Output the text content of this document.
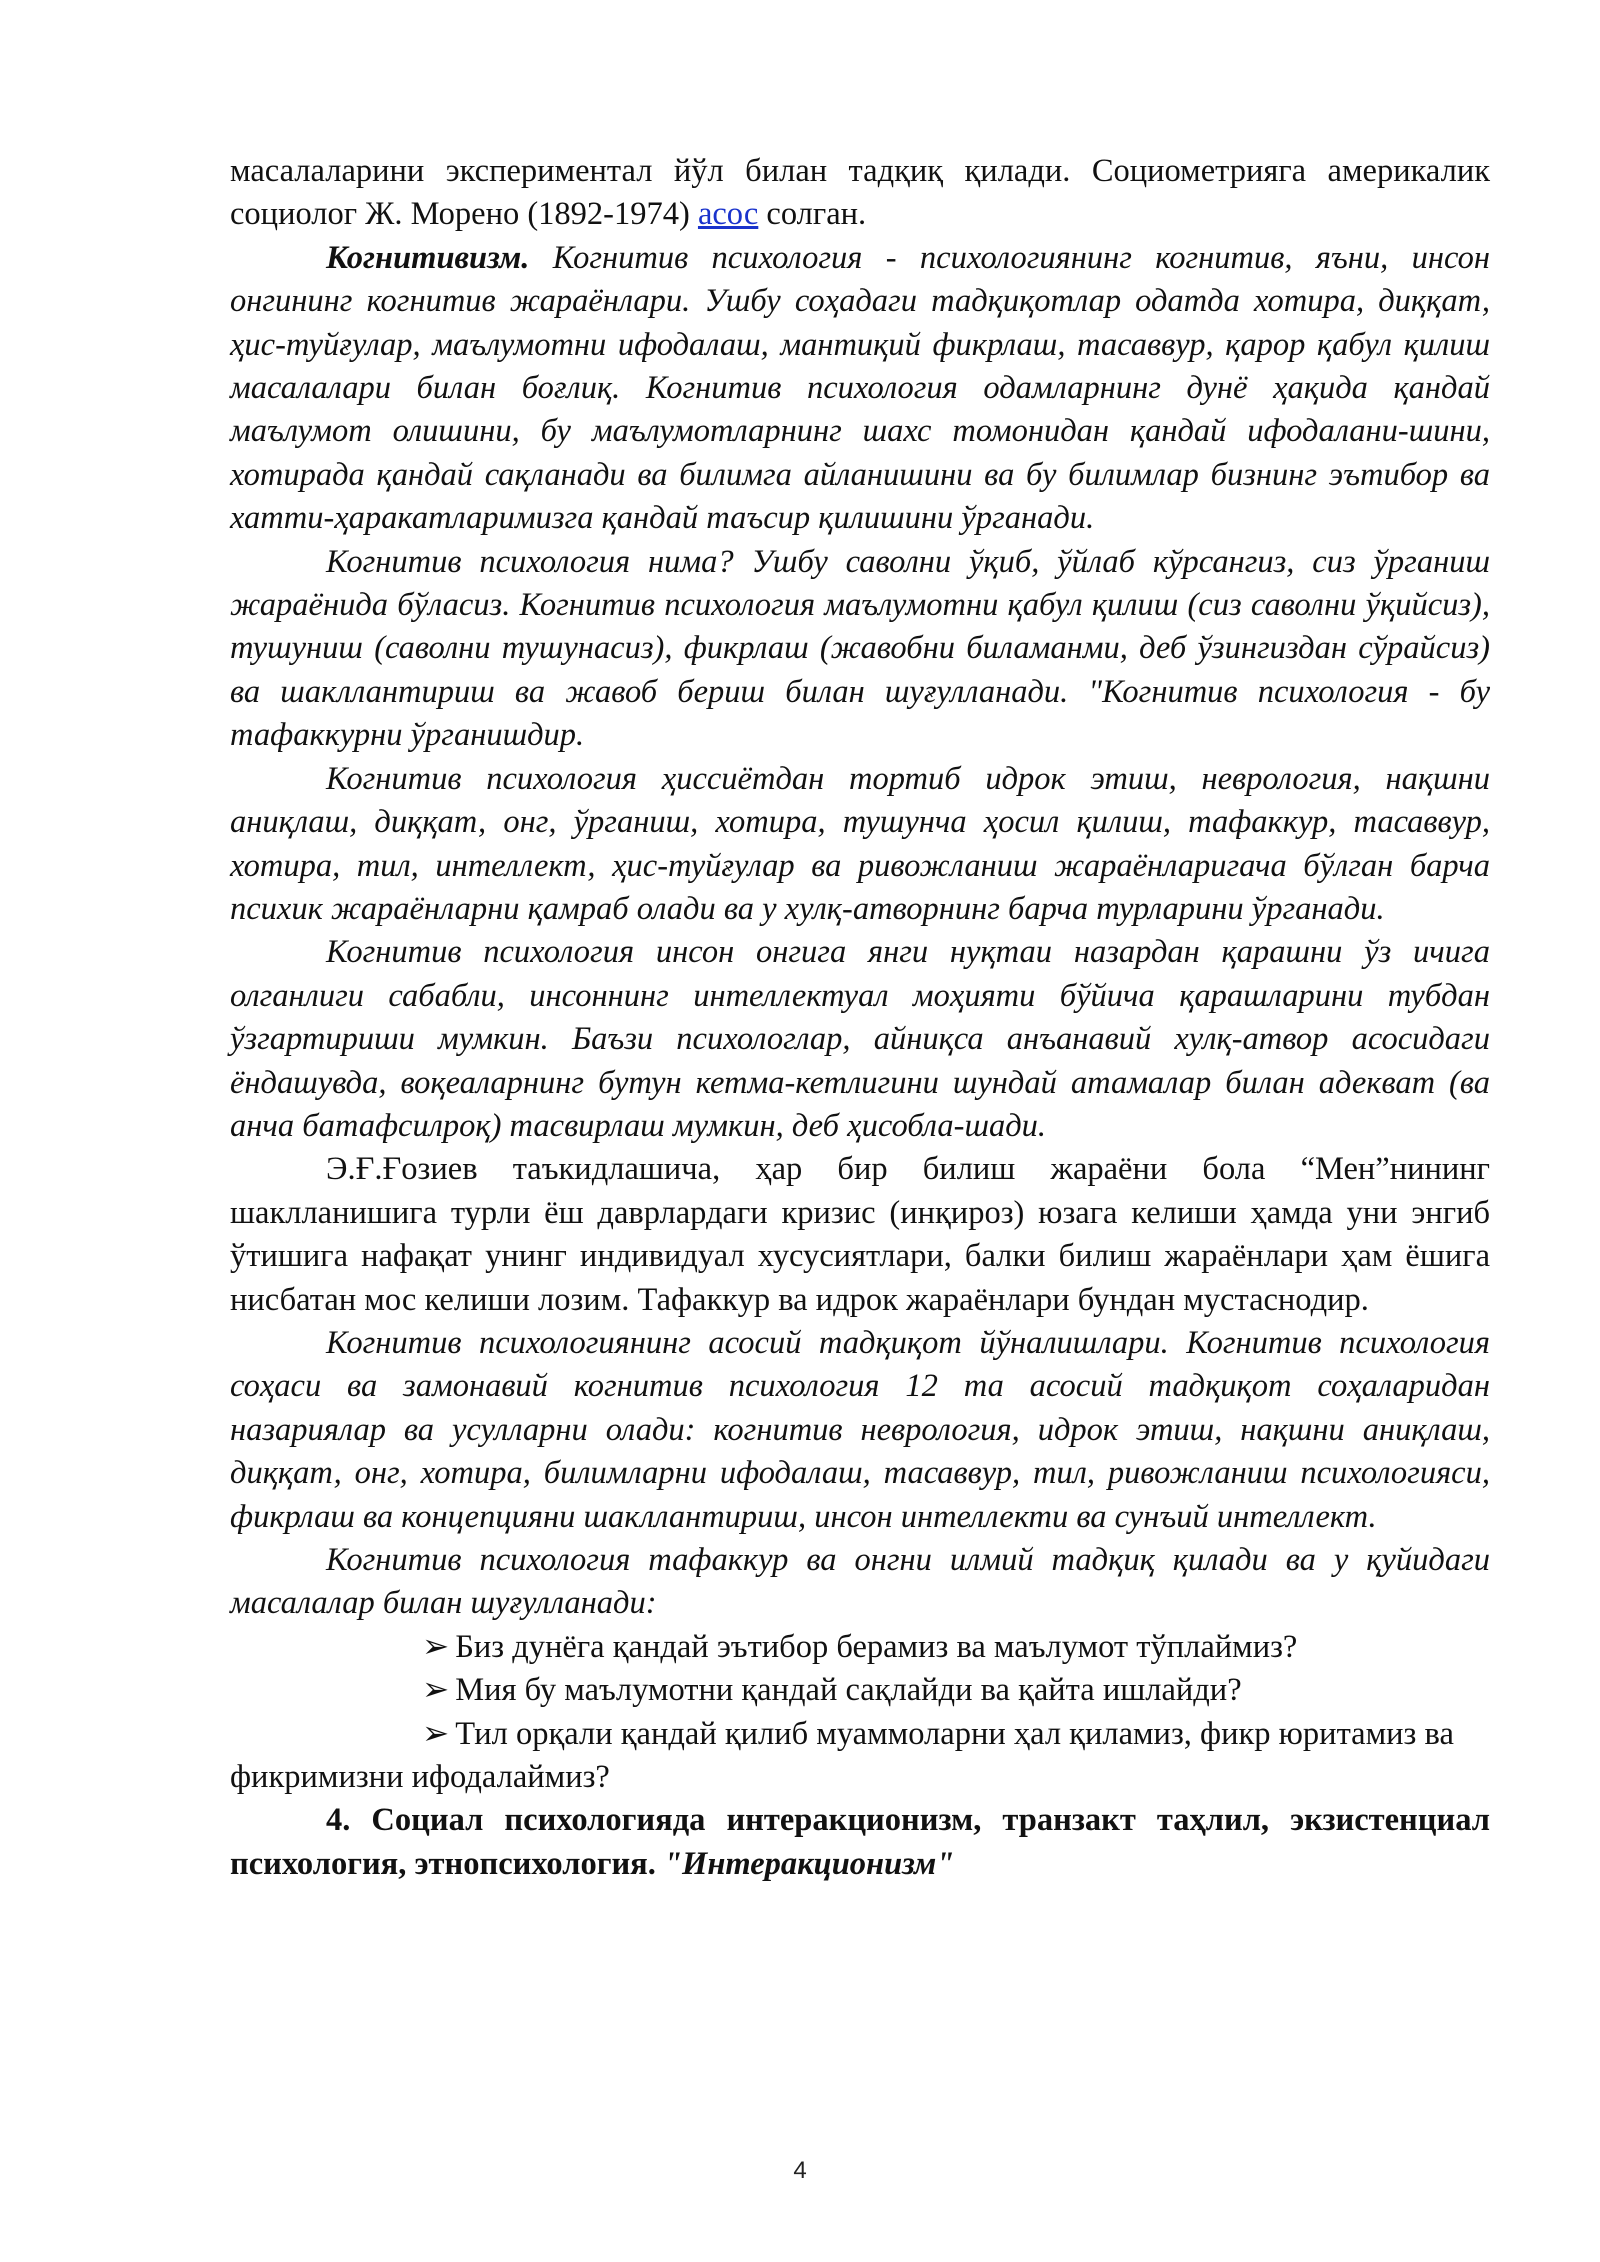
масалаларини экспериментал йўл билан тадқиқ қилади. Социометрияга америкалик социолог Ж. Морено (1892-1974) асос солган.

Когнитивизм. Когнитив психология - психологиянинг когнитив, яъни, инсон онгининг когнитив жараёнлари. Ушбу соҳадаги тадқиқотлар одатда хотира, диққат, ҳис-туйғулар, маълумотни ифодалаш, мантиқий фикрлаш, тасаввур, қарор қабул қилиш масалалари билан боғлиқ. Когнитив психология одамларнинг дунё ҳақида қандай маълумот олишини, бу маълумотларнинг шахс томонидан қандай ифодалани-шини, хотирада қандай сақланади ва билимга айланишини ва бу билимлар бизнинг эътибор ва хатти-ҳаракатларимизга қандай таъсир қилишини ўрганади.

Когнитив психология нима? Ушбу саволни ўқиб, ўйлаб кўрсангиз, сиз ўрганиш жараёнида бўласиз. Когнитив психология маълумотни қабул қилиш (сиз саволни ўқийсиз), тушуниш (саволни тушунасиз), фикрлаш (жавобни биламанми, деб ўзингиздан сўрайсиз) ва шакллантириш ва жавоб бериш билан шуғулланади. "Когнитив психология - бу тафаккурни ўрганишдир.

Когнитив психология ҳиссиётдан тортиб идрок этиш, неврология, нақшни аниқлаш, диққат, онг, ўрганиш, хотира, тушунча ҳосил қилиш, тафаккур, тасаввур, хотира, тил, интеллект, ҳис-туйғулар ва ривожланиш жараёнларигача бўлган барча психик жараёнларни қамраб олади ва у хулқ-атворнинг барча турларини ўрганади.

Когнитив психология инсон онгига янги нуқтаи назардан қарашни ўз ичига олганлиги сабабли, инсоннинг интеллектуал моҳияти бўйича қарашларини тубдан ўзгартириши мумкин. Баъзи психологлар, айниқса анъанавий хулқ-атвор асосидаги ёндашувда, воқеаларнинг бутун кетма-кетлигини шундай атамалар билан адекват (ва анча батафсилроқ) тасвирлаш мумкин, деб ҳисобла-шади.

Э.Ғ.Ғозиев таъкидлашича, ҳар бир билиш жараёни бола “Мен”нининг шаклланишига турли ёш даврлардаги кризис (инқироз) юзага келиши ҳамда уни энгиб ўтишига нафақат унинг индивидуал хусусиятлари, балки билиш жараёнлари ҳам ёшига нисбатан мос келиши лозим. Тафаккур ва идрок жараёнлари бундан мустаснодир.

Когнитив психологиянинг асосий тадқиқот йўналишлари. Когнитив психология соҳаси ва замонавий когнитив психология 12 та асосий тадқиқот соҳаларидан назариялар ва усулларни олади: когнитив неврология, идрок этиш, нақшни аниқлаш, диққат, онг, хотира, билимларни ифодалаш, тасаввур, тил, ривожланиш психологияси, фикрлаш ва концепцияни шакллантириш, инсон интеллекти ва сунъий интеллект.

Когнитив психология тафаккур ва онгни илмий тадқиқ қилади ва у қуйидаги масалалар билан шуғулланади:

➢ Биз дунёга қандай эътибор берамиз ва маълумот тўплаймиз?

➢ Мия бу маълумотни қандай сақлайди ва қайта ишлайди?

➢ Тил орқали қандай қилиб муаммоларни ҳал қиламиз, фикр юритамиз ва фикримизни ифодалаймиз?

4. Социал психологияда интеракционизм, транзакт таҳлил, экзистенциал психология, этнопсихология. "Интеракционизм"

4
